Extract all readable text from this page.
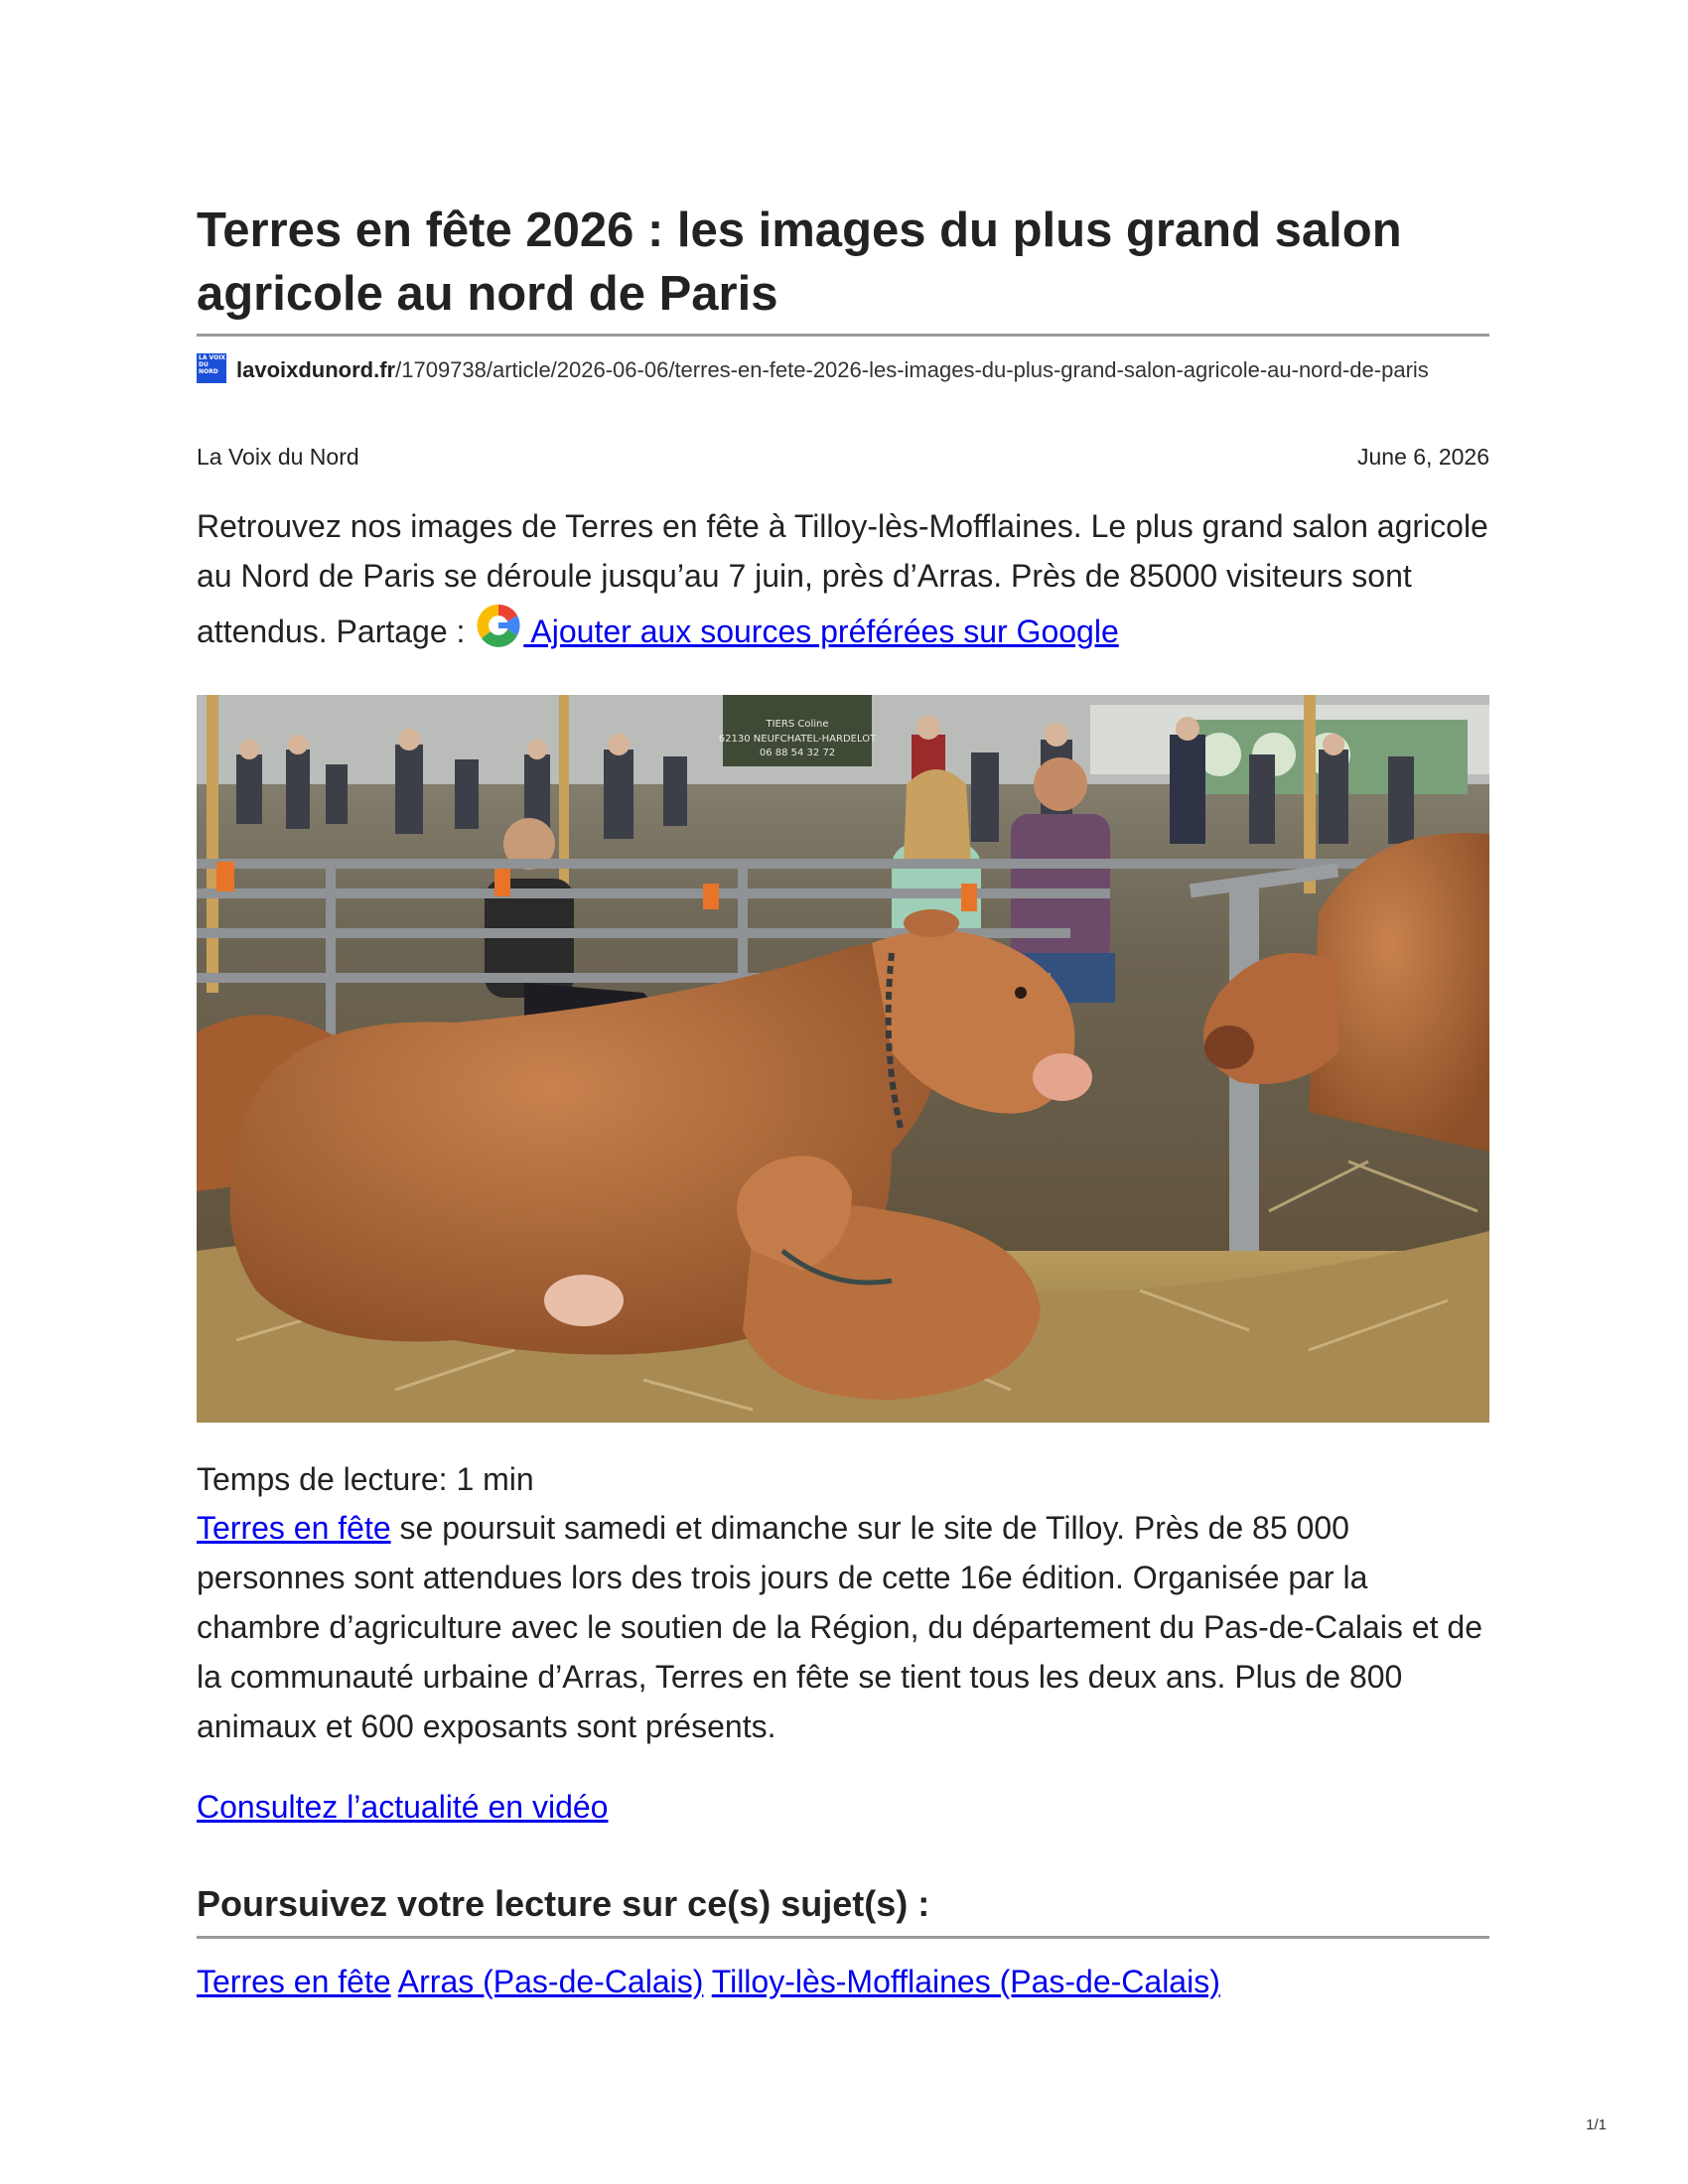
Terres en fête 2026 : les images du plus grand salon agricole au nord de Paris
LA VOIX DU NORD lavoixdunord.fr/1709738/article/2026-06-06/terres-en-fete-2026-les-images-du-plus-grand-salon-agricole-au-nord-de-paris
La Voix du Nord	June 6, 2026

Retrouvez nos images de Terres en fête à Tilloy-lès-Mofflaines. Le plus grand salon agricole au Nord de Paris se déroule jusqu’au 7 juin, près d’Arras. Près de 85000 visiteurs sont attendus. Partage :  Ajouter aux sources préférées sur Google

TIERS Coline
62130 NEUFCHATEL-HARDELOT
06 88 54 32 72

Temps de lecture: 1 min

Terres en fête se poursuit samedi et dimanche sur le site de Tilloy. Près de 85 000 personnes sont attendues lors des trois jours de cette 16e édition. Organisée par la chambre d’agriculture avec le soutien de la Région, du département du Pas-de-Calais et de la communauté urbaine d’Arras, Terres en fête se tient tous les deux ans. Plus de 800 animaux et 600 exposants sont présents.

Consultez l’actualité en vidéo

Poursuivez votre lecture sur ce(s) sujet(s) :

Terres en fête Arras (Pas-de-Calais) Tilloy-lès-Mofflaines (Pas-de-Calais)

1/1
